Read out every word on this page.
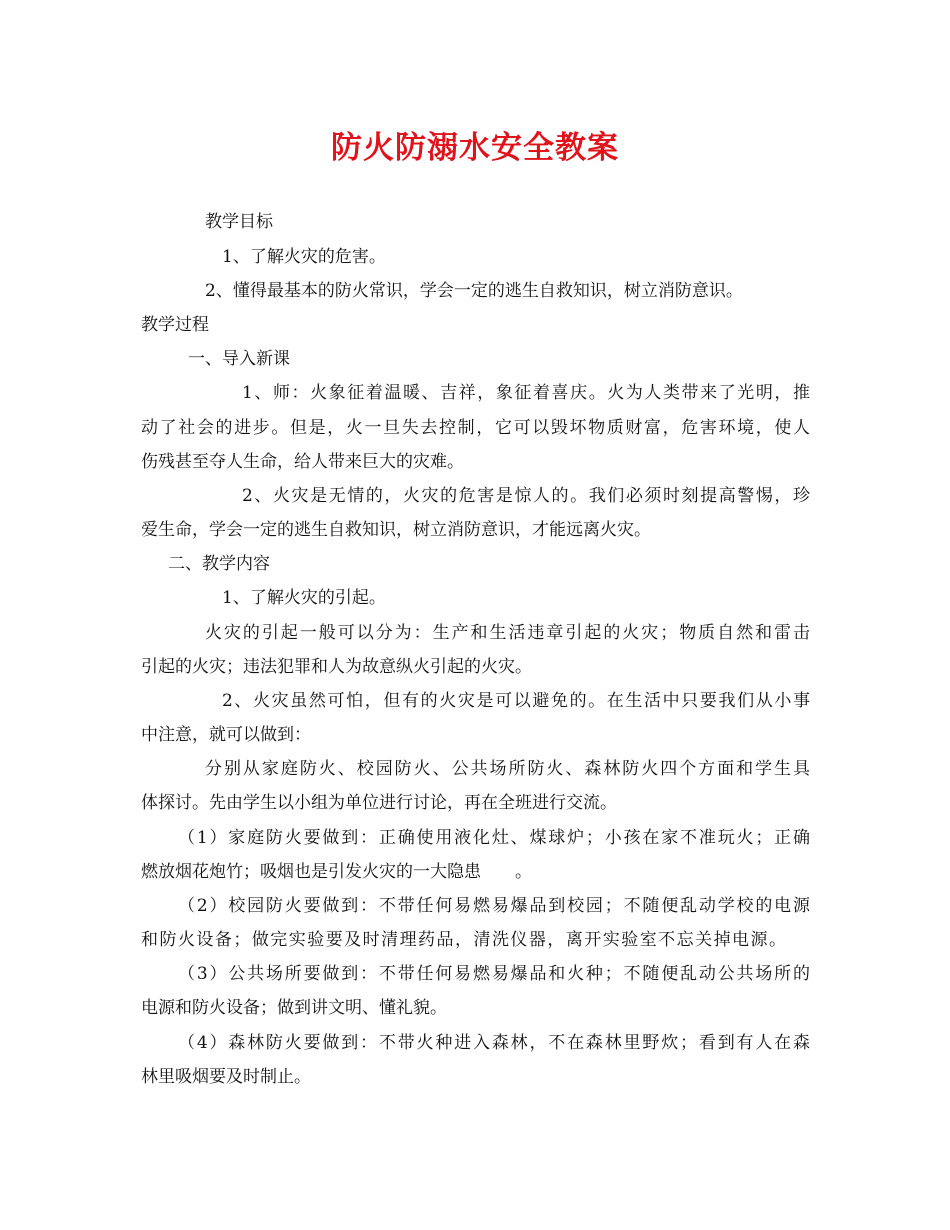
防火防溺水安全教案
教学目标
1、了解火灾的危害。
2、懂得最基本的防火常识，学会一定的逃生自救知识，树立消防意识。
教学过程
一、导入新课
1、师：火象征着温暖、吉祥，象征着喜庆。火为人类带来了光明，推
动了社会的进步。但是，火一旦失去控制，它可以毁坏物质财富，危害环境，使人
伤残甚至夺人生命，给人带来巨大的灾难。
2、火灾是无情的，火灾的危害是惊人的。我们必须时刻提高警惕，珍
爱生命，学会一定的逃生自救知识，树立消防意识，才能远离火灾。
二、教学内容
1、了解火灾的引起。
火灾的引起一般可以分为：生产和生活违章引起的火灾；物质自然和雷击
引起的火灾；违法犯罪和人为故意纵火引起的火灾。
2、火灾虽然可怕，但有的火灾是可以避免的。在生活中只要我们从小事
中注意，就可以做到：
分别从家庭防火、校园防火、公共场所防火、森林防火四个方面和学生具
体探讨。先由学生以小组为单位进行讨论，再在全班进行交流。
（1）家庭防火要做到：正确使用液化灶、煤球炉；小孩在家不准玩火；正确
燃放烟花炮竹；吸烟也是引发火灾的一大隐患　　。
（2）校园防火要做到：不带任何易燃易爆品到校园；不随便乱动学校的电源
和防火设备；做完实验要及时清理药品，清洗仪器，离开实验室不忘关掉电源。
（3）公共场所要做到：不带任何易燃易爆品和火种；不随便乱动公共场所的
电源和防火设备；做到讲文明、懂礼貌。
（4）森林防火要做到：不带火种进入森林，不在森林里野炊；看到有人在森
林里吸烟要及时制止。
